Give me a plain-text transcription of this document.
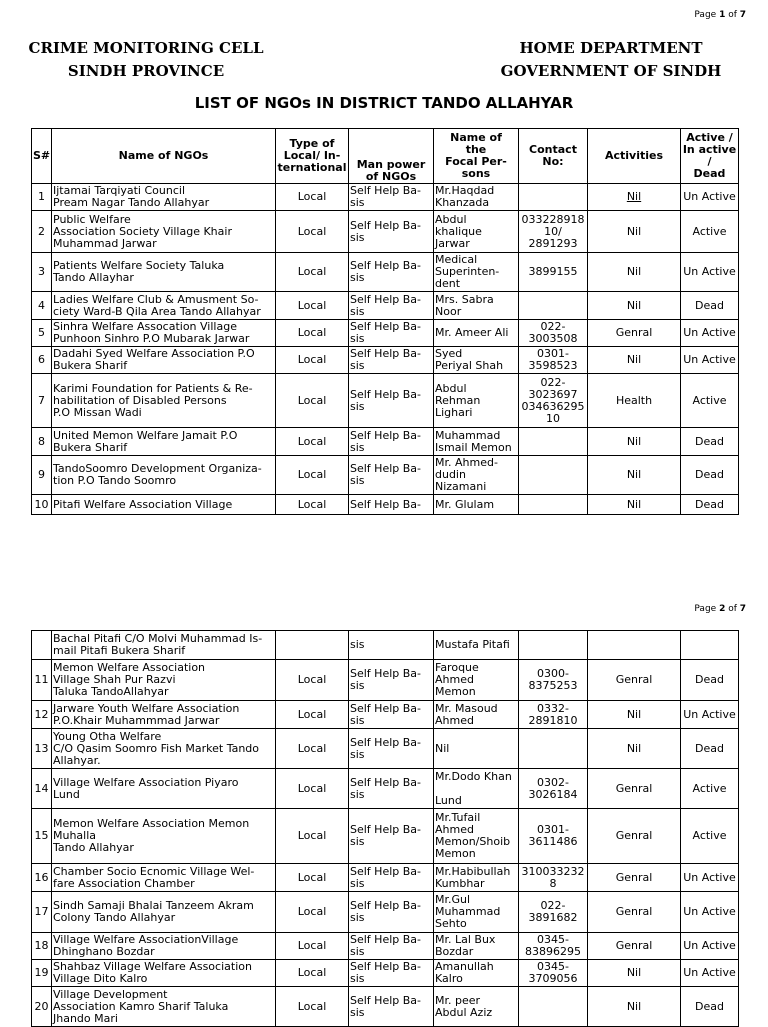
Page 1 of 7
CRIME MONITORING CELL
SINDH PROVINCE
HOME DEPARTMENT
GOVERNMENT OF SINDH
LIST OF NGOs IN DISTRICT TANDO ALLAHYAR
S#	Name of NGOs	Type of
Local/ In-
ternational	Man power
of NGOs	Name of
the
Focal Per-
sons	Contact
No:	Activities	Active /
In active
/
Dead
1	Ijtamai Tarqiyati Council
Pream Nagar Tando Allahyar	Local	Self Help Ba-
sis	Mr.Haqdad
Khanzada		Nil	Un Active
2	Public Welfare
Association Society Village Khair
Muhammad Jarwar	Local	Self Help Ba-
sis	Abdul
khalique
Jarwar	033228918
10/
2891293	Nil	Active
3	Patients Welfare Society Taluka
Tando Allayhar	Local	Self Help Ba-
sis	Medical
Superinten-
dent	3899155	Nil	Un Active
4	Ladies Welfare Club & Amusment So-
ciety Ward-B Qila Area Tando Allahyar	Local	Self Help Ba-
sis	Mrs. Sabra
Noor		Nil	Dead
5	Sinhra Welfare Assocation Village
Punhoon Sinhro P.O Mubarak Jarwar	Local	Self Help Ba-
sis	Mr. Ameer Ali	022-
3003508	Genral	Un Active
6	Dadahi Syed Welfare Association P.O
Bukera Sharif	Local	Self Help Ba-
sis	Syed
Periyal Shah	0301-
3598523	Nil	Un Active
7	Karimi Foundation for Patients & Re-
habilitation of Disabled Persons
P.O Missan Wadi	Local	Self Help Ba-
sis	Abdul
Rehman
Lighari	022-
3023697
034636295
10	Health	Active
8	United Memon Welfare Jamait P.O
Bukera Sharif	Local	Self Help Ba-
sis	Muhammad
Ismail Memon		Nil	Dead
9	TandoSoomro Development Organiza-
tion P.O Tando Soomro	Local	Self Help Ba-
sis	Mr. Ahmed-
dudin
Nizamani		Nil	Dead
10	Pitafi Welfare Association Village	Local	Self Help Ba-	Mr. Glulam		Nil	Dead
Page 2 of 7
	Bachal Pitafi C/O Molvi Muhammad Is-
mail Pitafi Bukera Sharif		sis	Mustafa Pitafi			
11	Memon Welfare Association
Village Shah Pur Razvi
Taluka TandoAllahyar	Local	Self Help Ba-
sis	Faroque
Ahmed
Memon	0300-
8375253	Genral	Dead
12	Jarware Youth Welfare Association
P.O.Khair Muhammmad Jarwar	Local	Self Help Ba-
sis	Mr. Masoud
Ahmed	0332-
2891810	Nil	Un Active
13	Young Otha Welfare
C/O Qasim Soomro Fish Market Tando
Allahyar.	Local	Self Help Ba-
sis	Nil		Nil	Dead
14	Village Welfare Association Piyaro
Lund	Local	Self Help Ba-
sis	Mr.Dodo Khan

Lund	0302-
3026184	Genral	Active
15	Memon Welfare Association Memon
Muhalla
Tando Allahyar	Local	Self Help Ba-
sis	Mr.Tufail
Ahmed
Memon/Shoib
Memon	0301-
3611486	Genral	Active
16	Chamber Socio Ecnomic Village Wel-
fare Association Chamber	Local	Self Help Ba-
sis	Mr.Habibullah
Kumbhar	310033232
8	Genral	Un Active
17	Sindh Samaji Bhalai Tanzeem Akram
Colony Tando Allahyar	Local	Self Help Ba-
sis	Mr.Gul
Muhammad
Sehto	022-
3891682	Genral	Un Active
18	Village Welfare AssociationVillage
Dhinghano Bozdar	Local	Self Help Ba-
sis	Mr. Lal Bux
Bozdar	0345-
83896295	Genral	Un Active
19	Shahbaz Village Welfare Association
Village Dito Kalro	Local	Self Help Ba-
sis	Amanullah
Kalro	0345-
3709056	Nil	Un Active
20	Village Development
Association Kamro Sharif Taluka
Jhando Mari	Local	Self Help Ba-
sis	Mr. peer
Abdul Aziz		Nil	Dead
